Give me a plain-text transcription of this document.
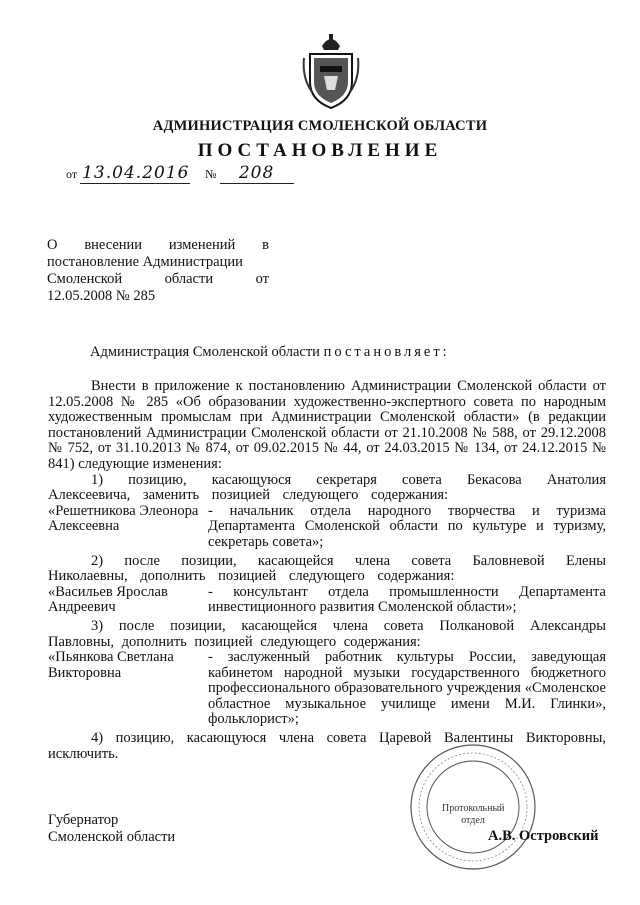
АДМИНИСТРАЦИЯ СМОЛЕНСКОЙ ОБЛАСТИ
ПОСТАНОВЛЕНИЕ
от 13.04.2016 № 208
О внесении изменений в
постановление Администрации
Смоленской области от
12.05.2008 № 285
Администрация Смоленской области постановляет:

Внести в приложение к постановлению Администрации Смоленской области от 12.05.2008 № 285 «Об образовании художественно-экспертного совета по народным художественным промыслам при Администрации Смоленской области» (в редакции постановлений Администрации Смоленской области от 21.10.2008 № 588, от 29.12.2008 № 752, от 31.10.2013 № 874, от 09.02.2015 № 44, от 24.03.2015 № 134, от 24.12.2015 № 841) следующие изменения:

1) позицию, касающуюся секретаря совета Бекасова Анатолия Алексеевича, заменить позицией следующего содержания:

«Решетникова Элеонора Алексеевна
- начальник отдела народного творчества и туризма Департамента Смоленской области по культуре и туризму, секретарь совета»;

2) после позиции, касающейся члена совета Баловневой Елены Николаевны, дополнить позицией следующего содержания:

«Васильев Ярослав Андреевич
- консультант отдела промышленности Департамента инвестиционного развития Смоленской области»;

3) после позиции, касающейся члена совета Полкановой Александры Павловны, дополнить позицией следующего содержания:

«Пьянкова Светлана Викторовна
- заслуженный работник культуры России, заведующая кабинетом народной музыки государственного бюджетного профессионального образовательного учреждения «Смоленское областное музыкальное училище имени М.И. Глинки», фольклорист»;

4) позицию, касающуюся члена совета Царевой Валентины Викторовны, исключить.

Губернатор
Смоленской области
Протокольный
отдел
А.В. Островский
